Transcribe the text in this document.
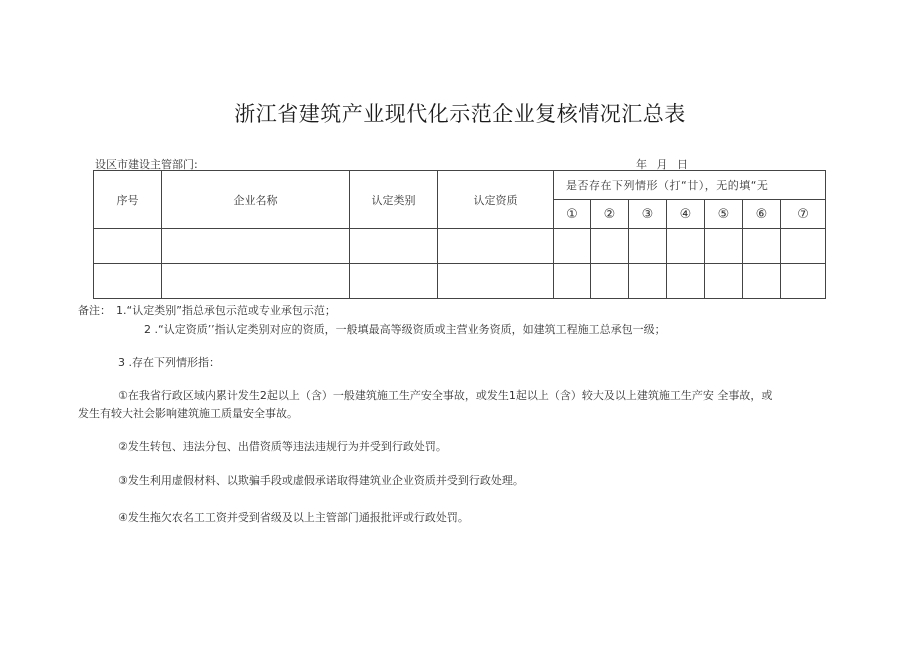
浙江省建筑产业现代化示范企业复核情况汇总表
设区市建设主管部门:	年 月 日
序号	企业名称	认定类别	认定资质	是否存在下列情形（打“廿），无的填“无						
				①	②	③	④	⑤	⑥	⑦

备注： 1.“认定类别”指总承包示范或专业承包示范；
2 .“认定资质’’指认定类别对应的资质，一般填最高等级资质或主营业务资质，如建筑工程施工总承包一级；
3 .存在下列情形指：
①在我省行政区域内累计发生2起以上（含）一般建筑施工生产安全事故，或发生1起以上（含）较大及以上建筑施工生产安 全事故，或
发生有较大社会影响建筑施工质量安全事故。
②发生转包、违法分包、出借资质等违法违规行为并受到行政处罚。
③发生利用虚假材料、以欺骗手段或虚假承诺取得建筑业企业资质并受到行政处理。
④发生拖欠农名工工资并受到省级及以上主管部门通报批评或行政处罚。
